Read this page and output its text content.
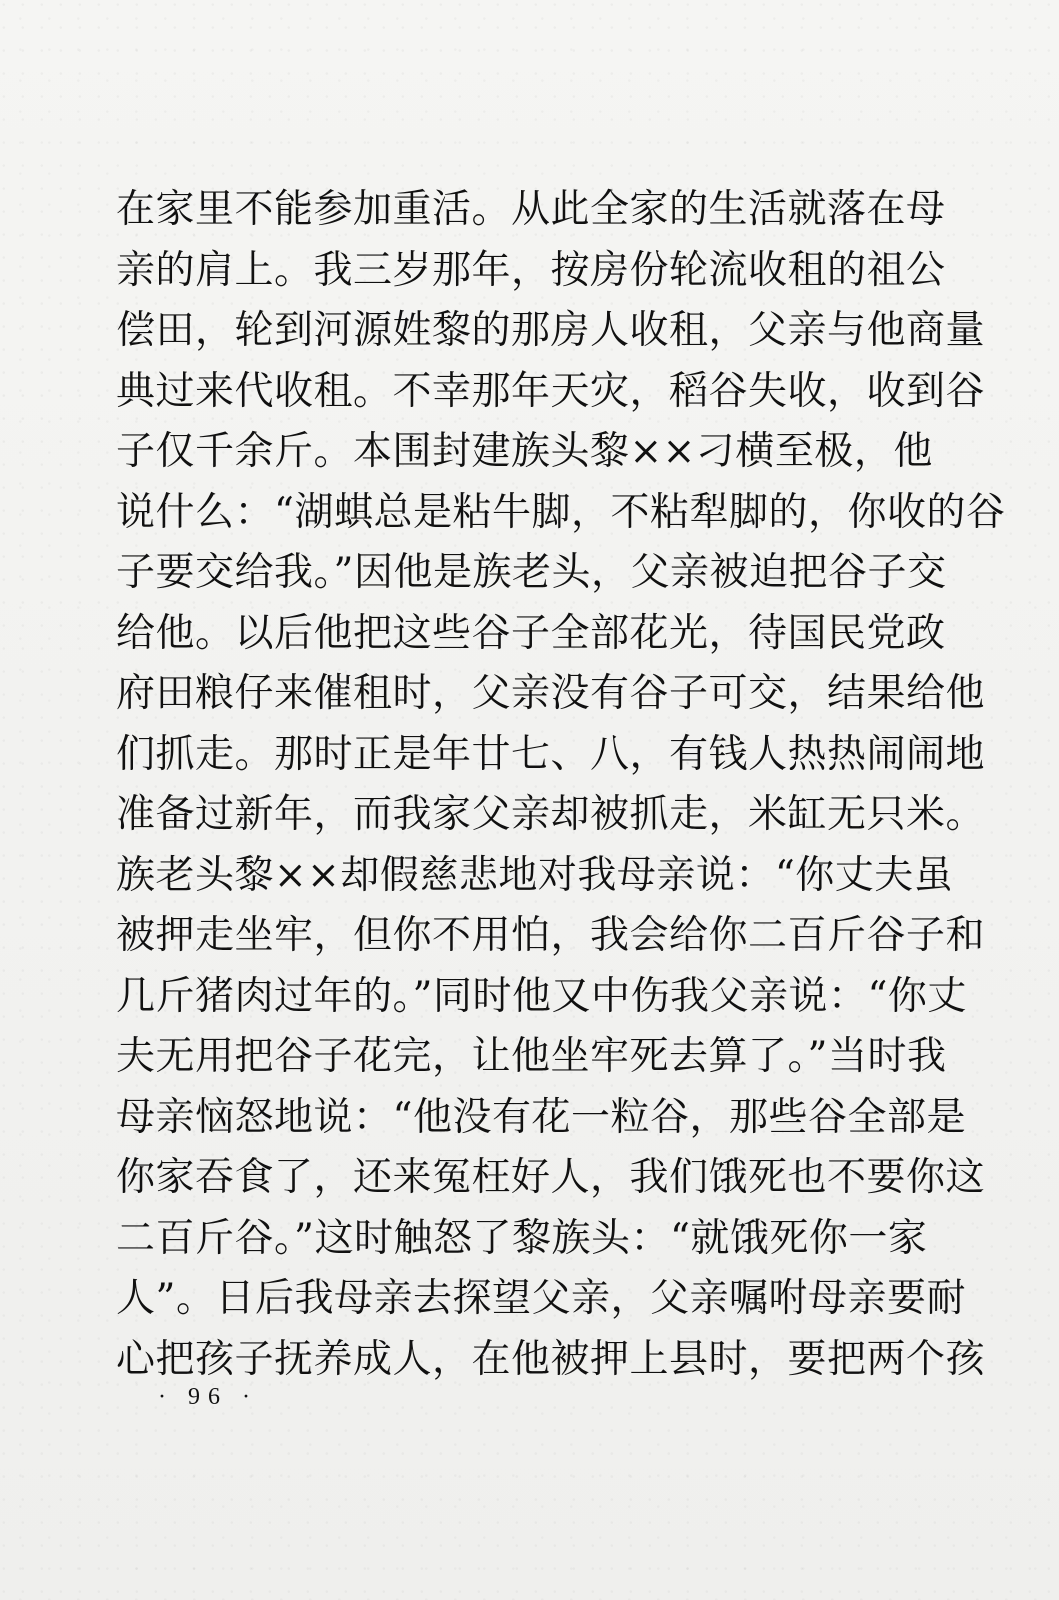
在家里不能参加重活。从此全家的生活就落在母
亲的肩上。我三岁那年，按房份轮流收租的祖公
偿田，轮到河源姓黎的那房人收租，父亲与他商量
典过来代收租。不幸那年天灾，稻谷失收，收到谷
子仅千余斤。本围封建族头黎××刁横至极，他
说什么：“湖蜞总是粘牛脚，不粘犁脚的，你收的谷
子要交给我。”因他是族老头，父亲被迫把谷子交
给他。以后他把这些谷子全部花光，待国民党政
府田粮仔来催租时，父亲没有谷子可交，结果给他
们抓走。那时正是年廿七、八，有钱人热热闹闹地
准备过新年，而我家父亲却被抓走，米缸无只米。
族老头黎××却假慈悲地对我母亲说：“你丈夫虽
被押走坐牢，但你不用怕，我会给你二百斤谷子和
几斤猪肉过年的。”同时他又中伤我父亲说：“你丈
夫无用把谷子花完，让他坐牢死去算了。”当时我
母亲恼怒地说：“他没有花一粒谷，那些谷全部是
你家吞食了，还来冤枉好人，我们饿死也不要你这
二百斤谷。”这时触怒了黎族头：“就饿死你一家
人”。日后我母亲去探望父亲，父亲嘱咐母亲要耐
心把孩子抚养成人，在他被押上县时，要把两个孩
· 96 ·
